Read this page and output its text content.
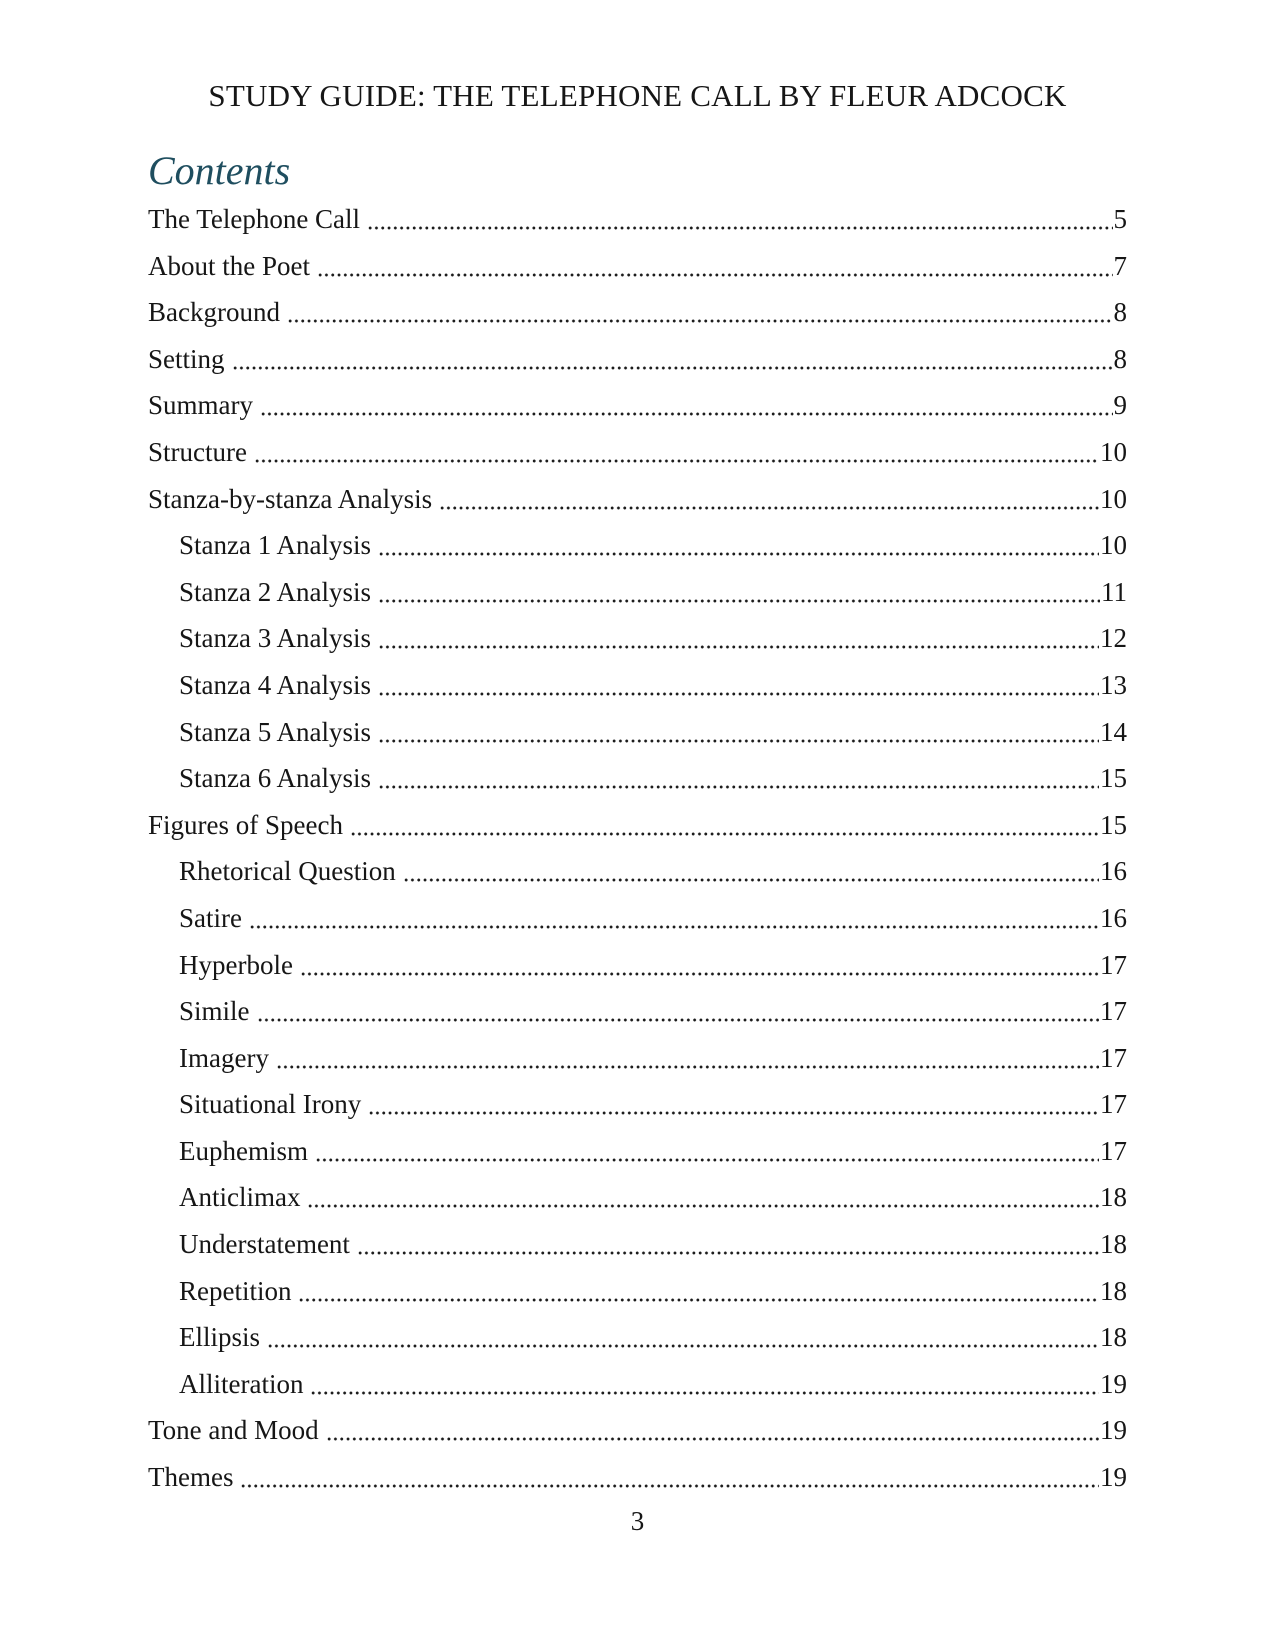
STUDY GUIDE: THE TELEPHONE CALL BY FLEUR ADCOCK
Contents
The Telephone Call	5
About the Poet	7
Background	8
Setting	8
Summary	9
Structure	10
Stanza-by-stanza Analysis	10
Stanza 1 Analysis	10
Stanza 2 Analysis	11
Stanza 3 Analysis	12
Stanza 4 Analysis	13
Stanza 5 Analysis	14
Stanza 6 Analysis	15
Figures of Speech	15
Rhetorical Question	16
Satire	16
Hyperbole	17
Simile	17
Imagery	17
Situational Irony	17
Euphemism	17
Anticlimax	18
Understatement	18
Repetition	18
Ellipsis	18
Alliteration	19
Tone and Mood	19
Themes	19
3
